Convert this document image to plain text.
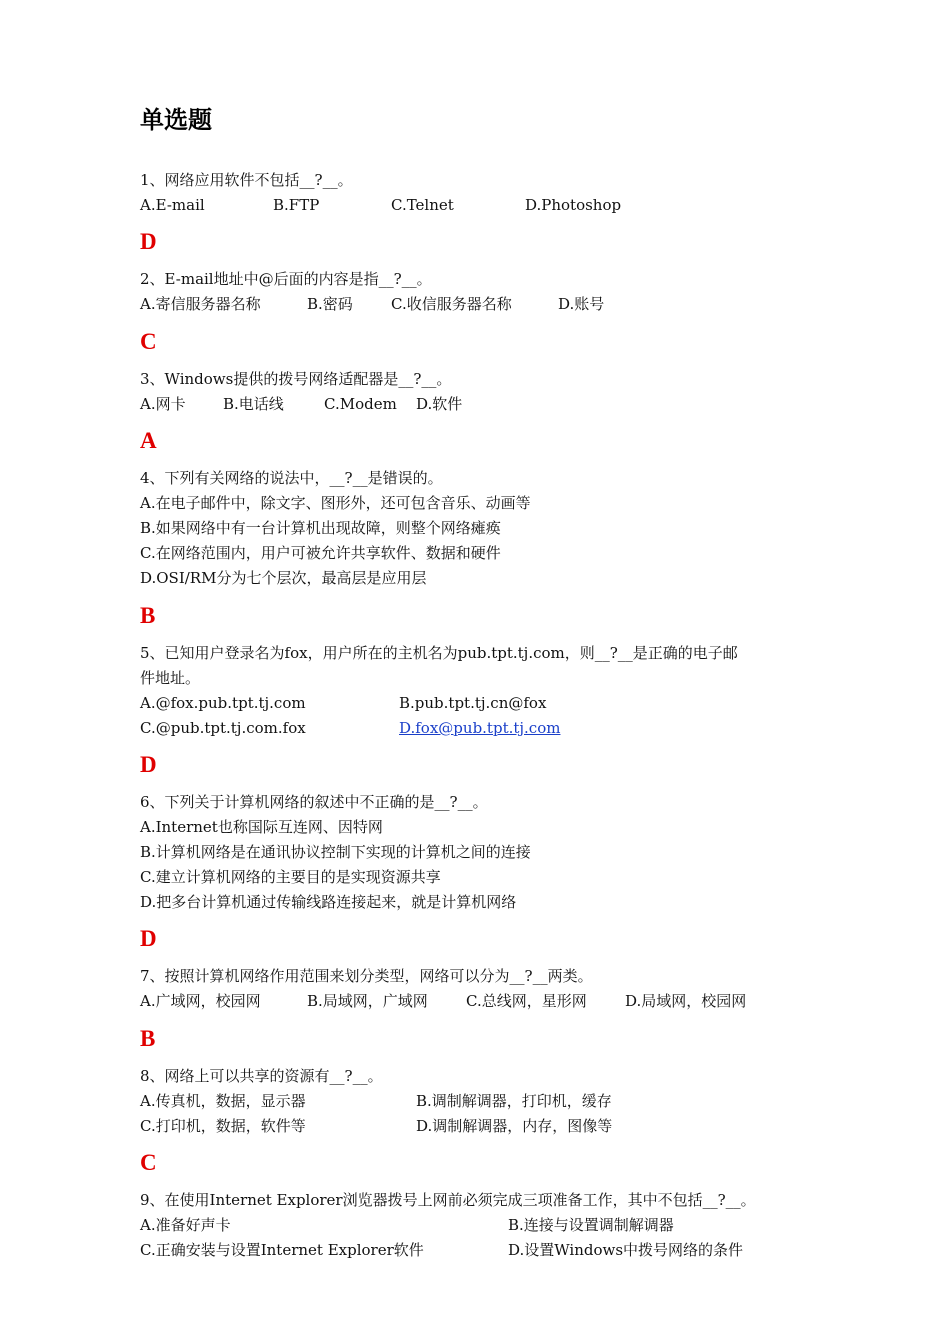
单选题
1、网络应用软件不包括__?__。
A.E-mail	B.FTP	C.Telnet	D.Photoshop
D
2、E-mail地址中@后面的内容是指__?__。
A.寄信服务器名称	B.密码	C.收信服务器名称	D.账号
C
3、Windows提供的拨号网络适配器是__?__。
A.网卡 B.电话线	C.Modem D.软件
A
4、下列有关网络的说法中，__?__是错误的。
A.在电子邮件中，除文字、图形外，还可包含音乐、动画等
B.如果网络中有一台计算机出现故障，则整个网络瘫痪
C.在网络范围内，用户可被允许共享软件、数据和硬件
D.OSI/RM分为七个层次，最高层是应用层
B
5、已知用户登录名为fox，用户所在的主机名为pub.tpt.tj.com，则__?__是正确的电子邮
件地址。
A.@fox.pub.tpt.tj.com	B.pub.tpt.tj.cn@fox
C.@pub.tpt.tj.com.fox	D.fox@pub.tpt.tj.com
D
6、下列关于计算机网络的叙述中不正确的是__?__。
A.Internet也称国际互连网、因特网
B.计算机网络是在通讯协议控制下实现的计算机之间的连接
C.建立计算机网络的主要目的是实现资源共享
D.把多台计算机通过传输线路连接起来，就是计算机网络
D
7、按照计算机网络作用范围来划分类型，网络可以分为__?__两类。
A.广域网，校园网	B.局域网，广域网	C.总线网，星形网	D.局域网，校园网
B
8、网络上可以共享的资源有__?__。
A.传真机，数据，显示器	B.调制解调器，打印机，缓存
C.打印机，数据，软件等	D.调制解调器，内存，图像等
C
9、在使用Internet Explorer浏览器拨号上网前必须完成三项准备工作，其中不包括__?__。
A.准备好声卡	B.连接与设置调制解调器
C.正确安装与设置Internet Explorer软件	D.设置Windows中拨号网络的条件
